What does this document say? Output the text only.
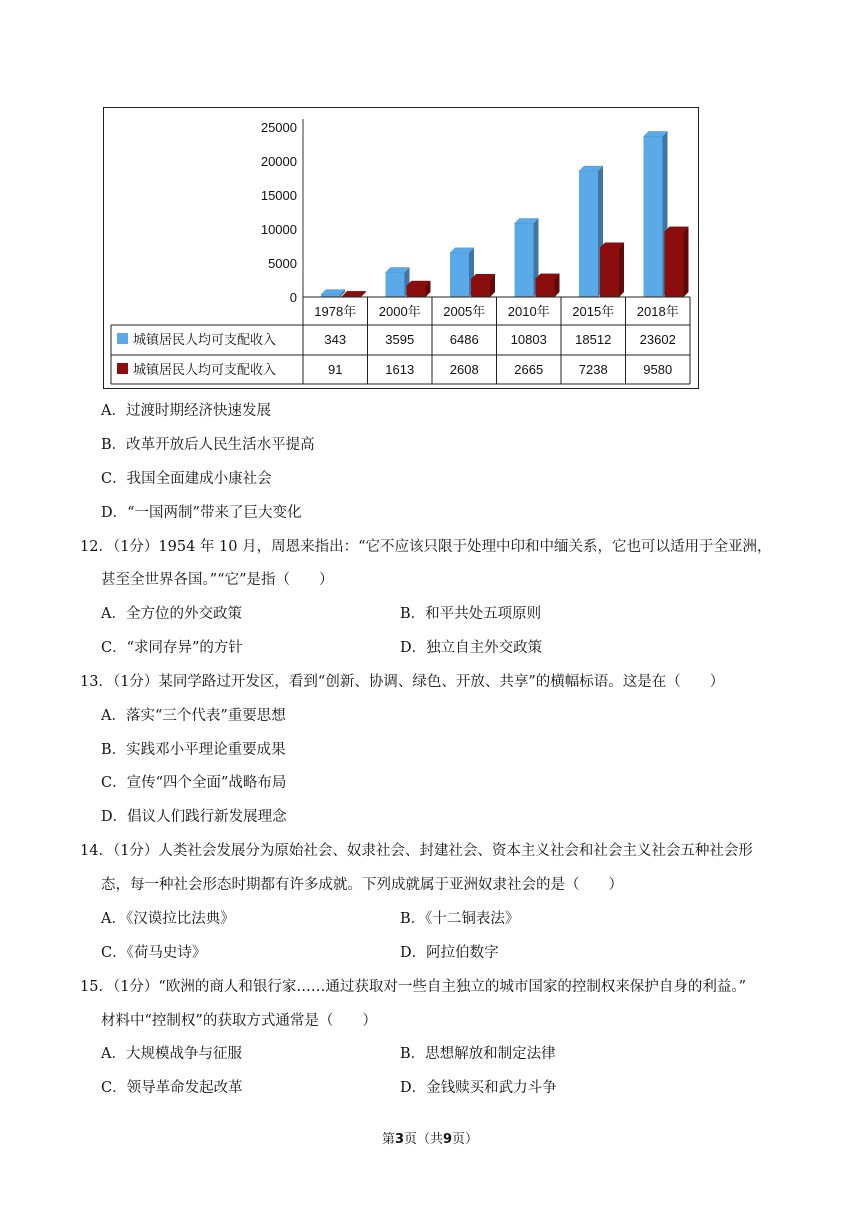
25000
20000
15000
10000
5000
0
1978年 2000年 2005年 2010年 2015年 2018年
城镇居民人均可支配收入	343	3595	6486 10803 18512 23602
城镇居民人均可支配收入	91	1613	2608	2665	7238	9580
A．过渡时期经济快速发展
B．改革开放后人民生活水平提高
C．我国全面建成小康社会
D．“一国两制”带来了巨大变化
12．（1分）1954 年 10 月，周恩来指出：“它不应该只限于处理中印和中缅关系，它也可以适用于全亚洲，
甚至全世界各国。”“它”是指（　　）
A．全方位的外交政策	B．和平共处五项原则
C．“求同存异”的方针	D．独立自主外交政策
13．（1分）某同学路过开发区，看到“创新、协调、绿色、开放、共享”的横幅标语。这是在（　　）
A．落实“三个代表”重要思想
B．实践邓小平理论重要成果
C．宣传“四个全面”战略布局
D．倡议人们践行新发展理念
14．（1分）人类社会发展分为原始社会、奴隶社会、封建社会、资本主义社会和社会主义社会五种社会形
态，每一种社会形态时期都有许多成就。下列成就属于亚洲奴隶社会的是（　　）
A．《汉谟拉比法典》	B．《十二铜表法》
C．《荷马史诗》	D．阿拉伯数字
15．（1分）“欧洲的商人和银行家……通过获取对一些自主独立的城市国家的控制权来保护自身的利益。”
材料中“控制权”的获取方式通常是（　　）
A．大规模战争与征服	B．思想解放和制定法律
C．领导革命发起改革	D．金钱赎买和武力斗争
第3页（共9页）
